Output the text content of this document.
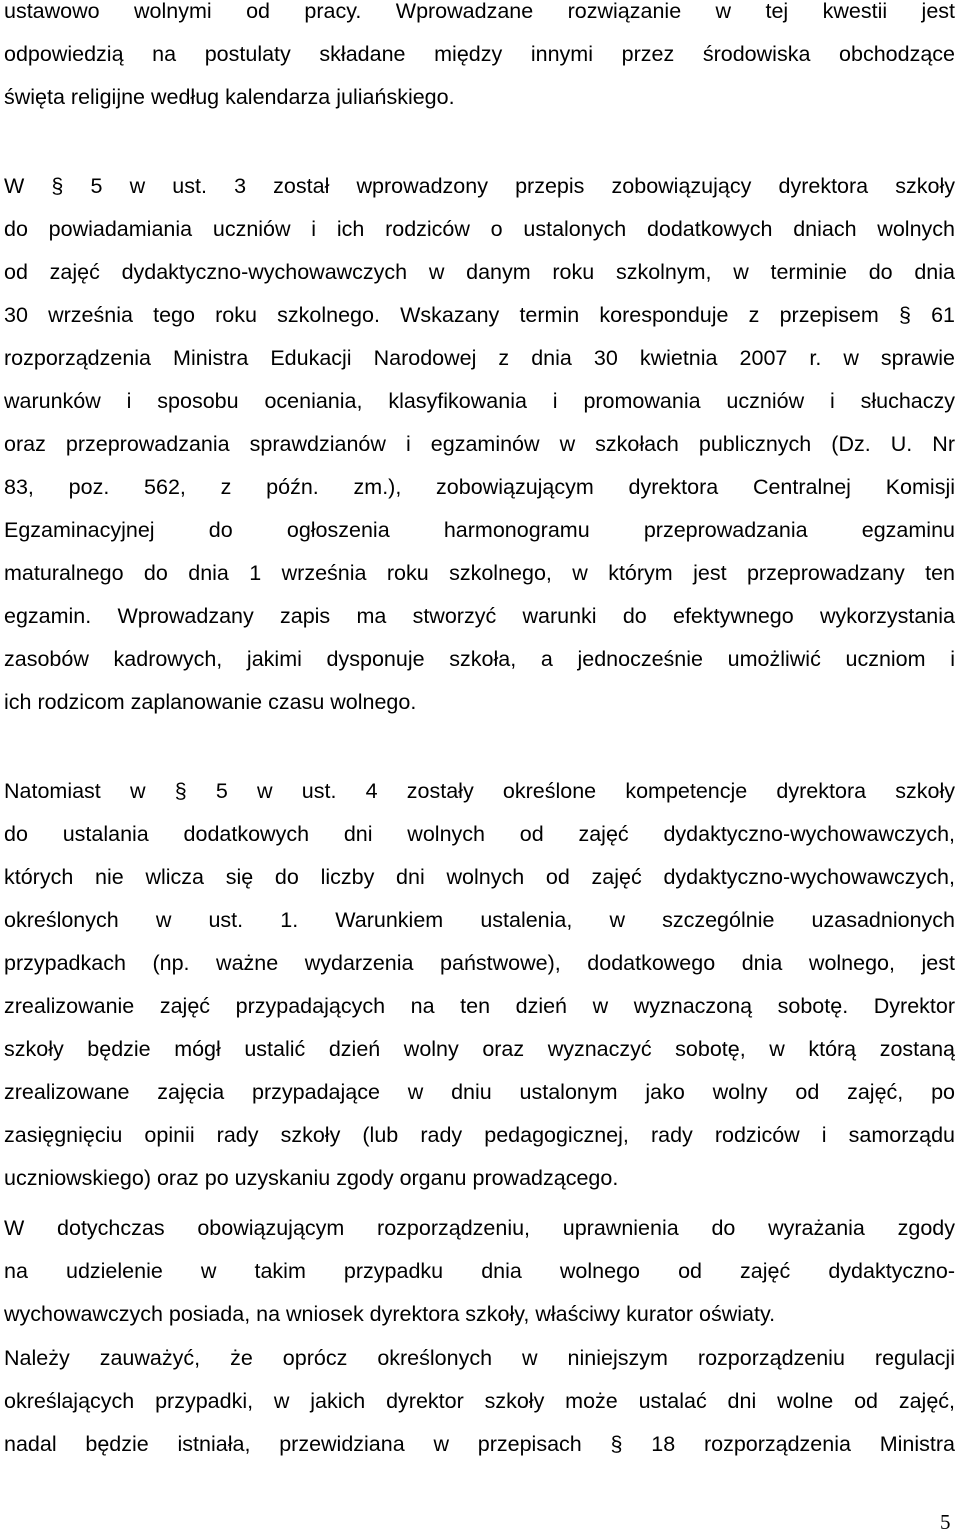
ustawowo wolnymi od pracy. Wprowadzane rozwiązanie w tej kwestii jest
odpowiedzią na postulaty składane między innymi przez środowiska obchodzące
święta religijne według kalendarza juliańskiego.
W § 5 w ust. 3 został wprowadzony przepis zobowiązujący dyrektora szkoły
do powiadamiania uczniów i ich rodziców o ustalonych dodatkowych dniach wolnych
od zajęć dydaktyczno-wychowawczych w danym roku szkolnym, w terminie do dnia
30 września tego roku szkolnego. Wskazany termin koresponduje z przepisem § 61
rozporządzenia Ministra Edukacji Narodowej z dnia 30 kwietnia 2007 r. w sprawie
warunków i sposobu oceniania, klasyfikowania i promowania uczniów i słuchaczy
oraz przeprowadzania sprawdzianów i egzaminów w szkołach publicznych (Dz. U. Nr
83, poz. 562, z późn. zm.), zobowiązującym dyrektora Centralnej Komisji
Egzaminacyjnej do ogłoszenia harmonogramu przeprowadzania egzaminu
maturalnego do dnia 1 września roku szkolnego, w którym jest przeprowadzany ten
egzamin. Wprowadzany zapis ma stworzyć warunki do efektywnego wykorzystania
zasobów kadrowych, jakimi dysponuje szkoła, a jednocześnie umożliwić uczniom i
ich rodzicom zaplanowanie czasu wolnego.
Natomiast w § 5 w ust. 4 zostały określone kompetencje dyrektora szkoły
do ustalania dodatkowych dni wolnych od zajęć dydaktyczno-wychowawczych,
których nie wlicza się do liczby dni wolnych od zajęć dydaktyczno-wychowawczych,
określonych w ust. 1. Warunkiem ustalenia, w szczególnie uzasadnionych
przypadkach (np. ważne wydarzenia państwowe), dodatkowego dnia wolnego, jest
zrealizowanie zajęć przypadających na ten dzień w wyznaczoną sobotę. Dyrektor
szkoły będzie mógł ustalić dzień wolny oraz wyznaczyć sobotę, w którą zostaną
zrealizowane zajęcia przypadające w dniu ustalonym jako wolny od zajęć, po
zasięgnięciu opinii rady szkoły (lub rady pedagogicznej, rady rodziców i samorządu
uczniowskiego) oraz po uzyskaniu zgody organu prowadzącego.
W dotychczas obowiązującym rozporządzeniu, uprawnienia do wyrażania zgody
na udzielenie w takim przypadku dnia wolnego od zajęć dydaktyczno-
wychowawczych posiada, na wniosek dyrektora szkoły, właściwy kurator oświaty.
Należy zauważyć, że oprócz określonych w niniejszym rozporządzeniu regulacji
określających przypadki, w jakich dyrektor szkoły może ustalać dni wolne od zajęć,
nadal będzie istniała, przewidziana w przepisach § 18 rozporządzenia Ministra
5
